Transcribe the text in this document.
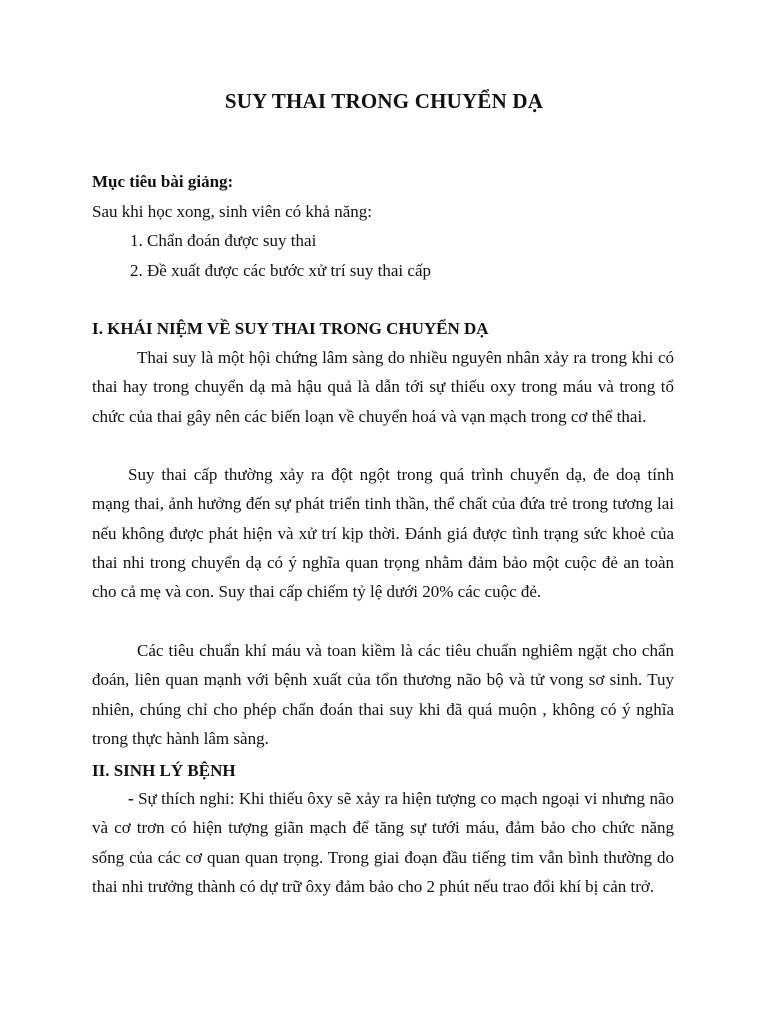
SUY THAI TRONG CHUYỂN DẠ
Mục tiêu bài giảng:
Sau khi học xong, sinh viên có khả năng:
1. Chẩn đoán được suy thai
2. Đề xuất được các bước xử trí suy thai cấp
I. KHÁI NIỆM VỀ SUY THAI TRONG CHUYỂN DẠ
Thai suy là một hội chứng lâm sàng do nhiều nguyên nhân xảy ra trong khi có thai hay trong chuyển dạ mà hậu quả là dẫn tới sự thiếu oxy trong máu và trong tổ chức của thai gây nên các biến loạn về chuyển hoá và vạn mạch trong cơ thể thai.
Suy thai cấp thường xảy ra đột ngột trong quá trình chuyển dạ, đe doạ tính mạng thai, ảnh hưởng đến sự phát triển tinh thần, thể chất của đứa trẻ trong tương lai nếu không được phát hiện và xử trí kịp thời. Đánh giá được tình trạng sức khoẻ của thai nhi trong chuyển dạ có ý nghĩa quan trọng nhằm đảm bảo một cuộc đẻ an toàn cho cả mẹ và con. Suy thai cấp chiếm tỷ lệ dưới 20% các cuộc đẻ.
Các tiêu chuẩn khí máu và toan kiềm là các tiêu chuẩn nghiêm ngặt cho chẩn đoán, liên quan mạnh với bệnh xuất của tổn thương não bộ và tử vong sơ sinh. Tuy nhiên, chúng chỉ cho phép chẩn đoán thai suy khi đã quá muộn , không có ý nghĩa trong thực hành lâm sàng.
II. SINH LÝ BỆNH
- Sự thích nghi: Khi thiếu ôxy sẽ xảy ra hiện tượng co mạch ngoại vi nhưng não và cơ trơn có hiện tượng giãn mạch để tăng sự tưới máu, đảm bảo cho chức năng sống của các cơ quan quan trọng. Trong giai đoạn đầu tiếng tim vẫn bình thường do thai nhi trưởng thành có dự trữ ôxy đảm bảo cho 2 phút nếu trao đổi khí bị cản trở.
